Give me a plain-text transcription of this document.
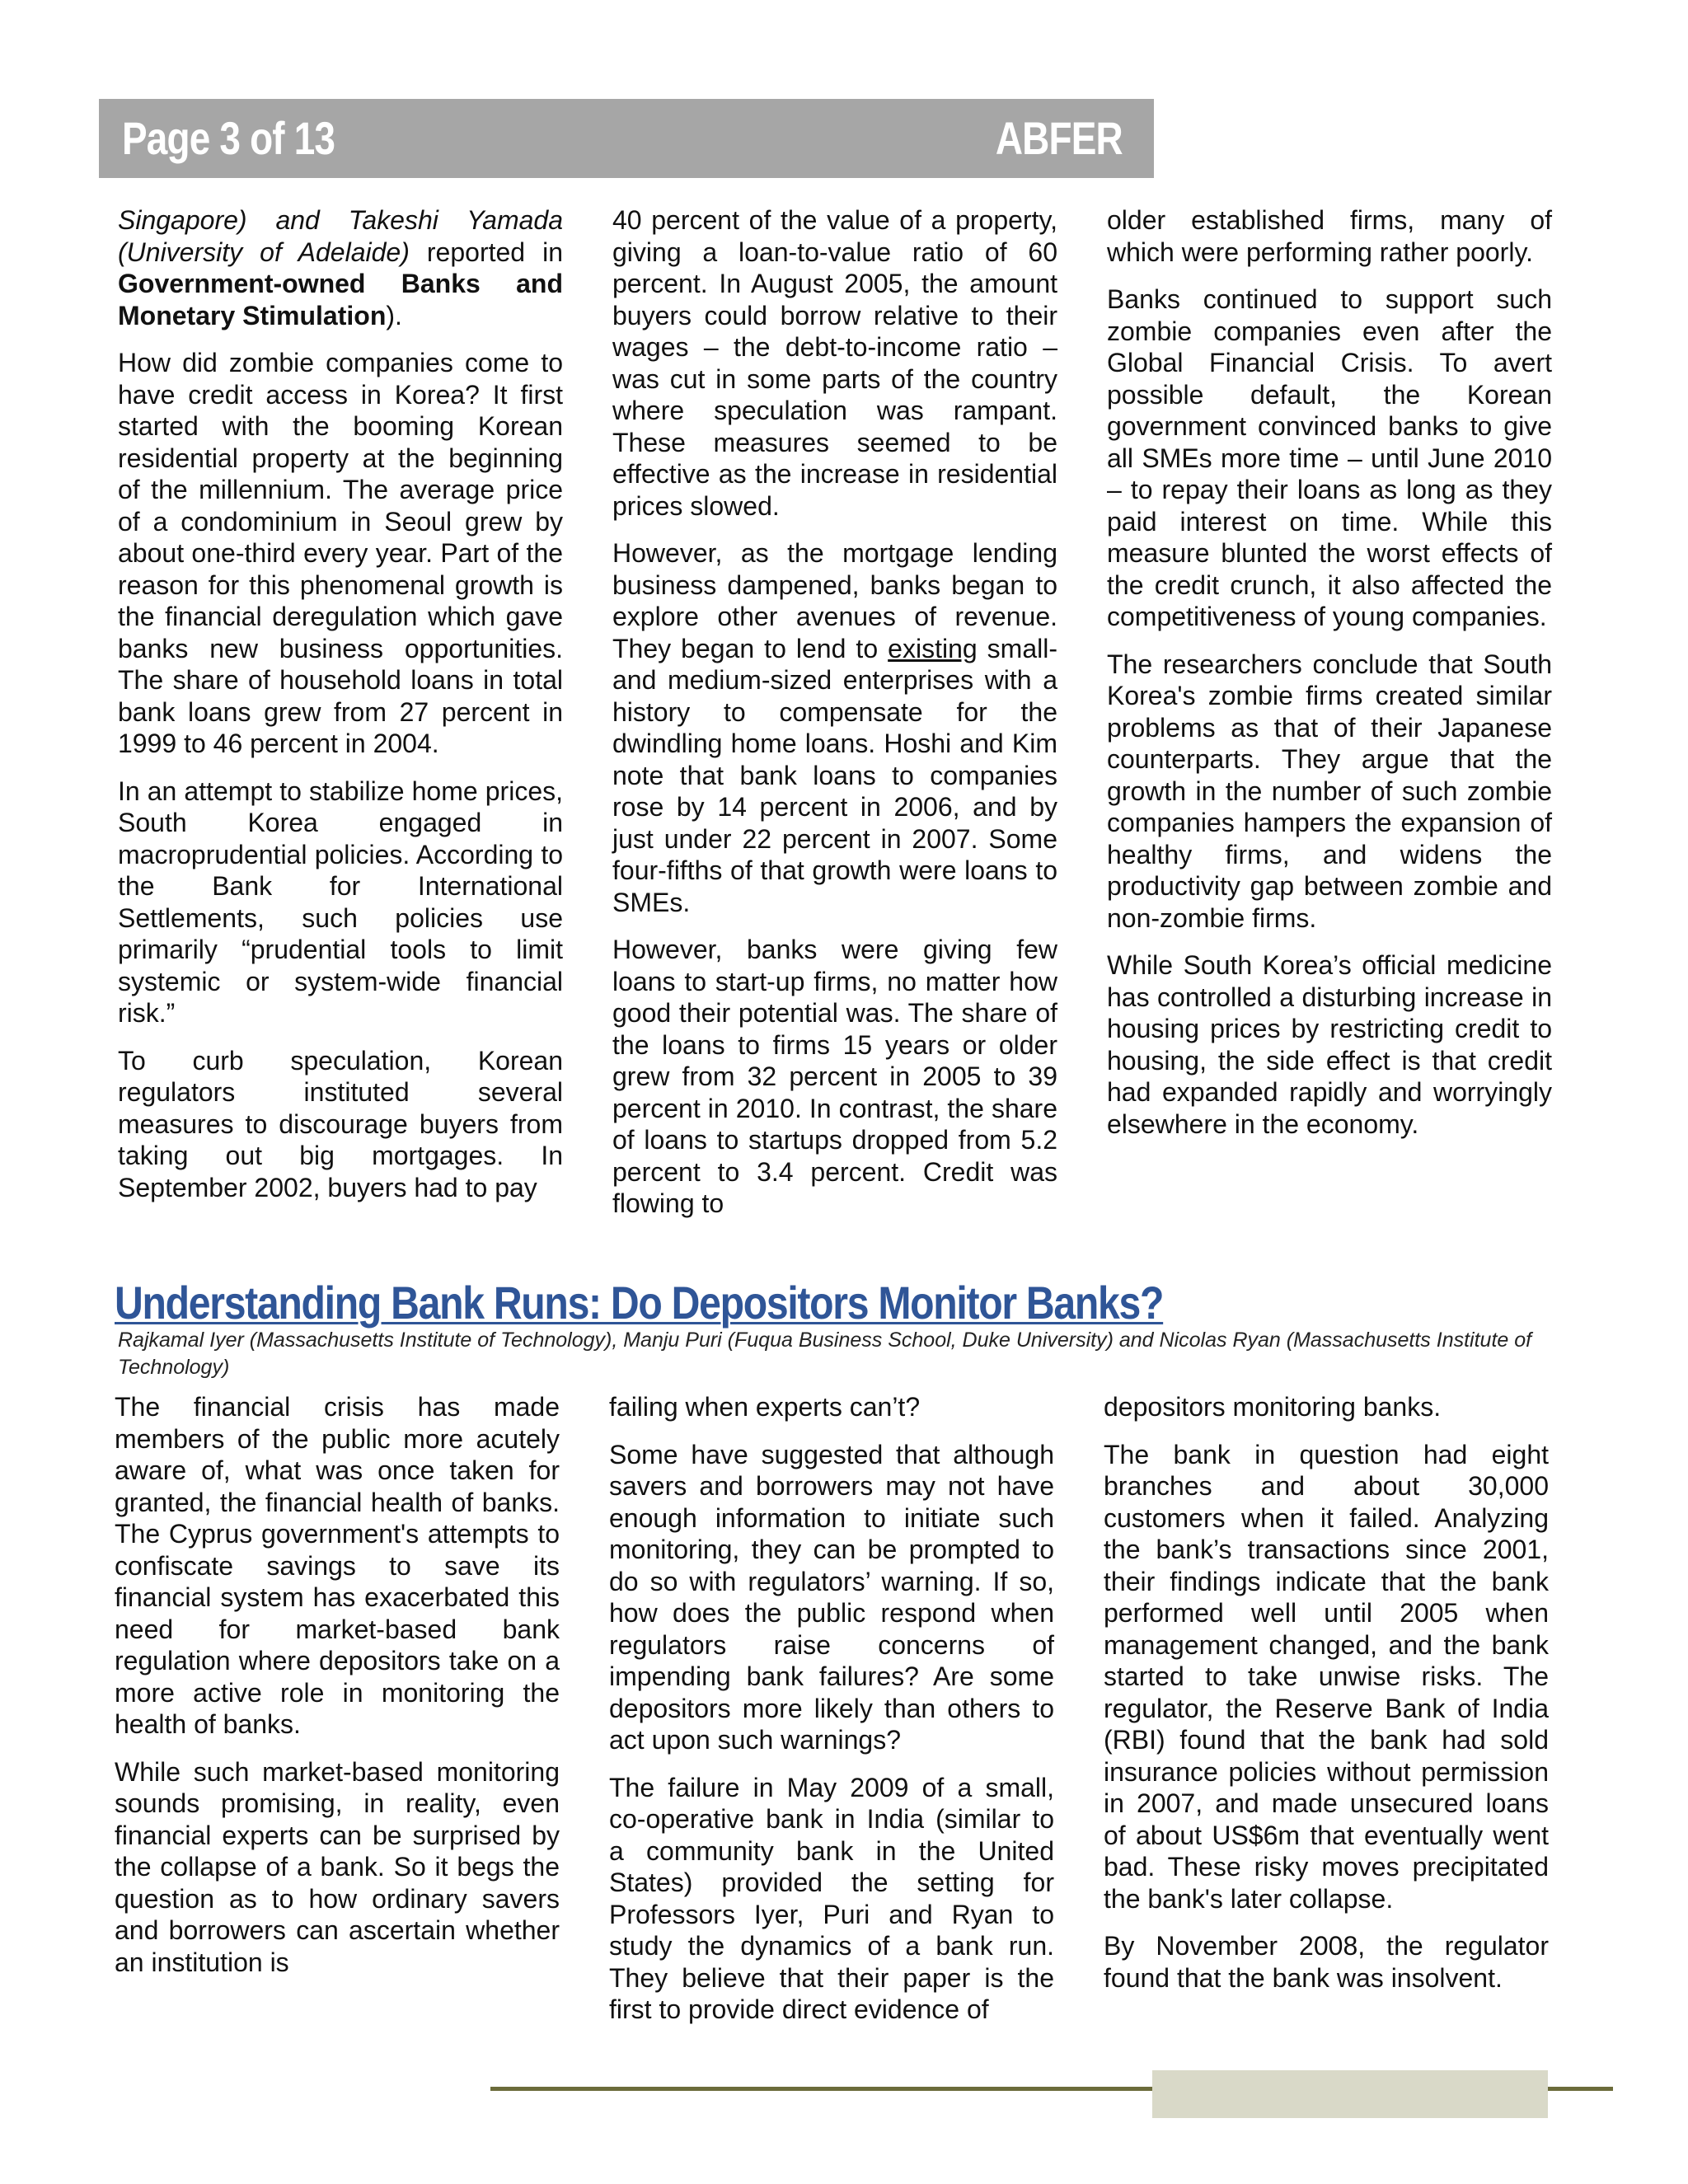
Page 3 of 13	ABFER

Singapore) and Takeshi Yamada (University of Adelaide) reported in Government-owned Banks and Monetary Stimulation).

How did zombie companies come to have credit access in Korea? It first started with the booming Korean residential property at the beginning of the millennium. The average price of a condominium in Seoul grew by about one-third every year. Part of the reason for this phenomenal growth is the financial deregulation which gave banks new business opportunities. The share of household loans in total bank loans grew from 27 percent in 1999 to 46 percent in 2004.

In an attempt to stabilize home prices, South Korea engaged in macroprudential policies. According to the Bank for International Settlements, such policies use primarily “prudential tools to limit systemic or system-wide financial risk.”

To curb speculation, Korean regulators instituted several measures to discourage buyers from taking out big mortgages. In September 2002, buyers had to pay

40 percent of the value of a property, giving a loan-to-value ratio of 60 percent. In August 2005, the amount buyers could borrow relative to their wages – the debt-to-income ratio – was cut in some parts of the country where speculation was rampant. These measures seemed to be effective as the increase in residential prices slowed.

However, as the mortgage lending business dampened, banks began to explore other avenues of revenue. They began to lend to existing small- and medium-sized enterprises with a history to compensate for the dwindling home loans. Hoshi and Kim note that bank loans to companies rose by 14 percent in 2006, and by just under 22 percent in 2007. Some four-fifths of that growth were loans to SMEs.

However, banks were giving few loans to start-up firms, no matter how good their potential was. The share of the loans to firms 15 years or older grew from 32 percent in 2005 to 39 percent in 2010. In contrast, the share of loans to startups dropped from 5.2 percent to 3.4 percent. Credit was flowing to

older established firms, many of which were performing rather poorly.

Banks continued to support such zombie companies even after the Global Financial Crisis. To avert possible default, the Korean government convinced banks to give all SMEs more time – until June 2010 – to repay their loans as long as they paid interest on time. While this measure blunted the worst effects of the credit crunch, it also affected the competitiveness of young companies.

The researchers conclude that South Korea's zombie firms created similar problems as that of their Japanese counterparts. They argue that the growth in the number of such zombie companies hampers the expansion of healthy firms, and widens the productivity gap between zombie and non-zombie firms.

While South Korea’s official medicine has controlled a disturbing increase in housing prices by restricting credit to housing, the side effect is that credit had expanded rapidly and worryingly elsewhere in the economy.

Understanding Bank Runs: Do Depositors Monitor Banks?
Rajkamal Iyer (Massachusetts Institute of Technology), Manju Puri (Fuqua Business School, Duke University) and Nicolas Ryan (Massachusetts Institute of Technology)

The financial crisis has made members of the public more acutely aware of, what was once taken for granted, the financial health of banks. The Cyprus government's attempts to confiscate savings to save its financial system has exacerbated this need for market-based bank regulation where depositors take on a more active role in monitoring the health of banks.

While such market-based monitoring sounds promising, in reality, even financial experts can be surprised by the collapse of a bank. So it begs the question as to how ordinary savers and borrowers can ascertain whether an institution is

failing when experts can’t?

Some have suggested that although savers and borrowers may not have enough information to initiate such monitoring, they can be prompted to do so with regulators’ warning. If so, how does the public respond when regulators raise concerns of impending bank failures? Are some depositors more likely than others to act upon such warnings?

The failure in May 2009 of a small, co-operative bank in India (similar to a community bank in the United States) provided the setting for Professors Iyer, Puri and Ryan to study the dynamics of a bank run. They believe that their paper is the first to provide direct evidence of

depositors monitoring banks.

The bank in question had eight branches and about 30,000 customers when it failed. Analyzing the bank’s transactions since 2001, their findings indicate that the bank performed well until 2005 when management changed, and the bank started to take unwise risks. The regulator, the Reserve Bank of India (RBI) found that the bank had sold insurance policies without permission in 2007, and made unsecured loans of about US$6m that eventually went bad. These risky moves precipitated the bank's later collapse.

By November 2008, the regulator found that the bank was insolvent.
